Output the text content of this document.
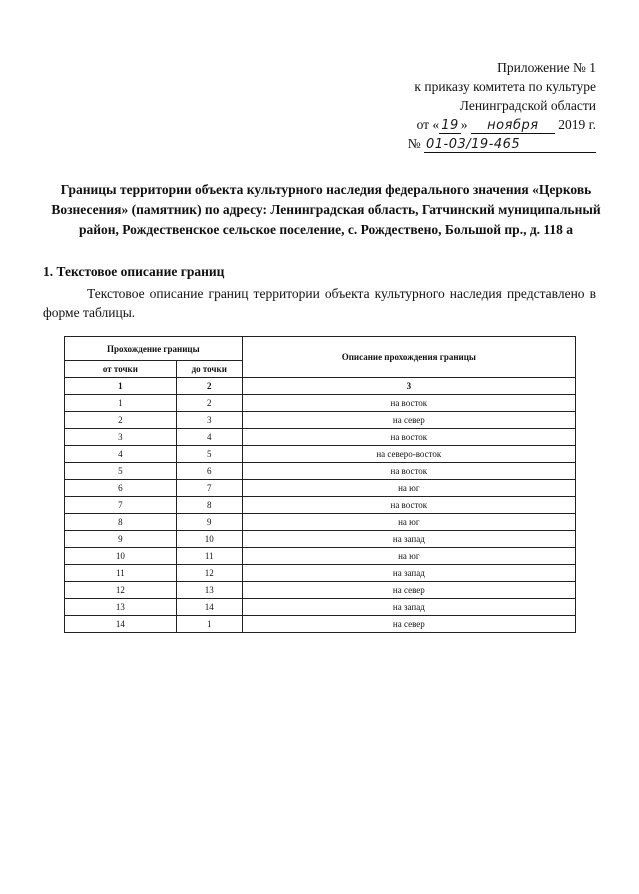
Приложение № 1
к приказу комитета по культуре
Ленинградской области
от « 19 » ноября 2019 г.
№ 01-03/19-465
Границы территории объекта культурного наследия федерального значения «Церковь Вознесения» (памятник) по адресу: Ленинградская область, Гатчинский муниципальный район, Рождественское сельское поселение, с. Рождествено, Большой пр., д. 118 а
1. Текстовое описание границ
Текстовое описание границ территории объекта культурного наследия представлено в форме таблицы.
Прохождение границы		Описание прохождения границы
от точки	до точки	
1	2	3
1	2	на восток
2	3	на север
3	4	на восток
4	5	на северо-восток
5	6	на восток
6	7	на юг
7	8	на восток
8	9	на юг
9	10	на запад
10	11	на юг
11	12	на запад
12	13	на север
13	14	на запад
14	1	на север
